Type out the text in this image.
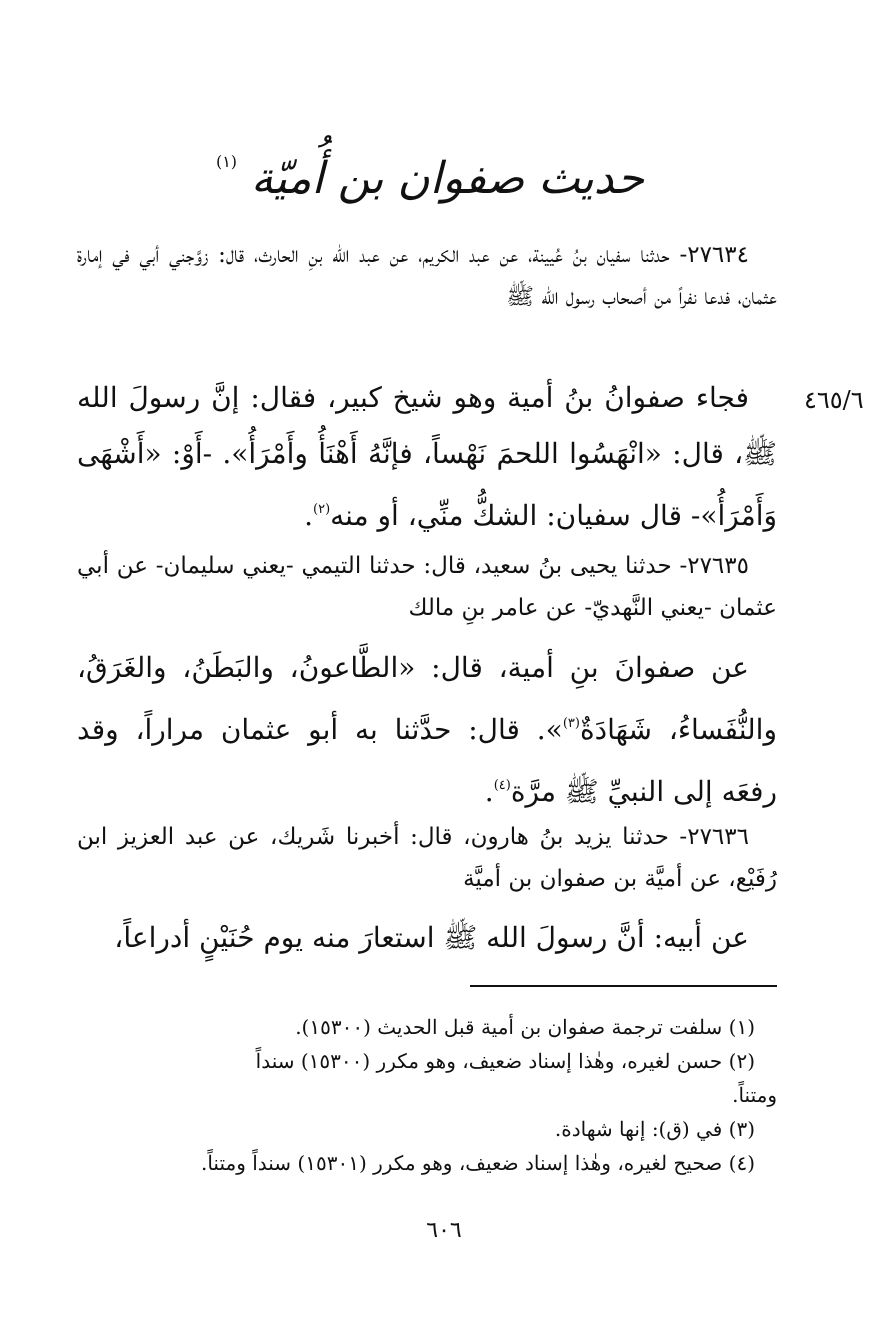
حديث صفوان بن أُميّة $^{(١)}$

٢٧٦٣٤- حدثنا سفيان بنُ عُيينة، عن عبد الكريم، عن عبد الله بنِ الحارث، قال: زوَّجني أبي في إمارة عثمان، فدعا نفراً من أصحاب رسول الله ﷺ

٤٦٥/٦

فجاء صفوانُ بنُ أمية وهو شيخ كبير، فقال: إنَّ رسولَ الله ﷺ، قال: «انْهَسُوا اللحمَ نَهْساً، فإنَّهُ أَهْنَأُ وأَمْرَأُ». -أَوْ: «أَشْهَى وَأَمْرَأُ»- قال سفيان: الشكُّ منِّي، أو منه$^{(٢)}$.

٢٧٦٣٥- حدثنا يحيى بنُ سعيد، قال: حدثنا التيمي -يعني سليمان- عن أبي عثمان -يعني النَّهديّ- عن عامر بنِ مالك

عن صفوانَ بنِ أمية، قال: «الطَّاعونُ، والبَطَنُ، والغَرَقُ، والنُّفَساءُ، شَهَادَةٌ$^{(٣)}$». قال: حدَّثنا به أبو عثمان مراراً، وقد رفعَه إلى النبيِّ ﷺ مرَّة$^{(٤)}$.

٢٧٦٣٦- حدثنا يزيد بنُ هارون، قال: أخبرنا شَريك، عن عبد العزيز ابن رُفَيْع، عن أميَّة بن صفوان بن أميَّة

عن أبيه: أنَّ رسولَ الله ﷺ استعارَ منه يوم حُنَيْنٍ أدراعاً،

(١) سلفت ترجمة صفوان بن أمية قبل الحديث (١٥٣٠٠).

(٢) حسن لغيره، وهٰذا إسناد ضعيف، وهو مكرر (١٥٣٠٠) سنداً

ومتناً.

(٣) في (ق): إنها شهادة.

(٤) صحيح لغيره، وهٰذا إسناد ضعيف، وهو مكرر (١٥٣٠١) سنداً ومتناً.

٦٠٦
